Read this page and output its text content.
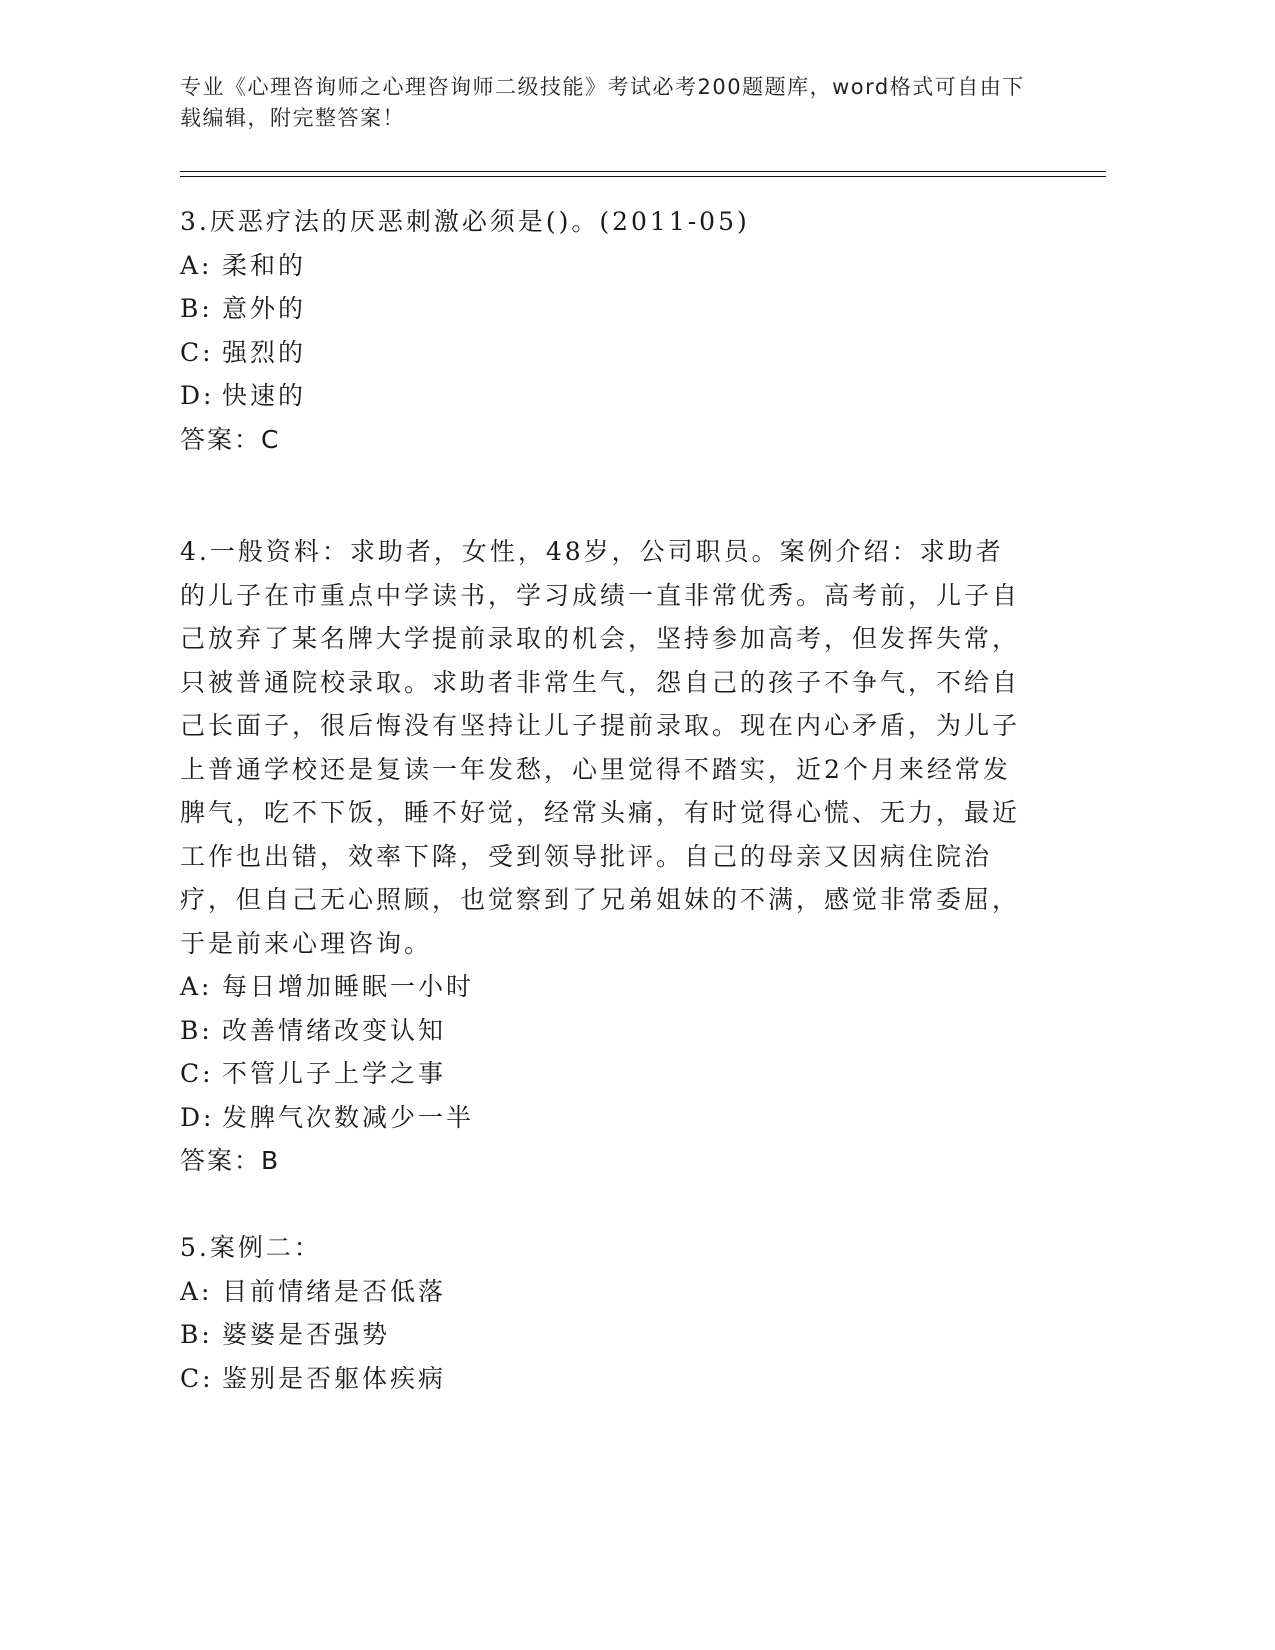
专业《心理咨询师之心理咨询师二级技能》考试必考200题题库，word格式可自由下载编辑，附完整答案！

3.厌恶疗法的厌恶刺激必须是()。(2011-05)

A: 柔和的

B: 意外的

C: 强烈的

D: 快速的

答案：C

4.一般资料：求助者，女性，48岁，公司职员。案例介绍：求助者的儿子在市重点中学读书，学习成绩一直非常优秀。高考前，儿子自己放弃了某名牌大学提前录取的机会，坚持参加高考，但发挥失常，只被普通院校录取。求助者非常生气，怨自己的孩子不争气，不给自己长面子，很后悔没有坚持让儿子提前录取。现在内心矛盾，为儿子上普通学校还是复读一年发愁，心里觉得不踏实，近2个月来经常发脾气，吃不下饭，睡不好觉，经常头痛，有时觉得心慌、无力，最近工作也出错，效率下降，受到领导批评。自己的母亲又因病住院治疗，但自己无心照顾，也觉察到了兄弟姐妹的不满，感觉非常委屈，于是前来心理咨询。

A: 每日增加睡眠一小时

B: 改善情绪改变认知

C: 不管儿子上学之事

D: 发脾气次数减少一半

答案：B

5.案例二：

A: 目前情绪是否低落

B: 婆婆是否强势

C: 鉴别是否躯体疾病
